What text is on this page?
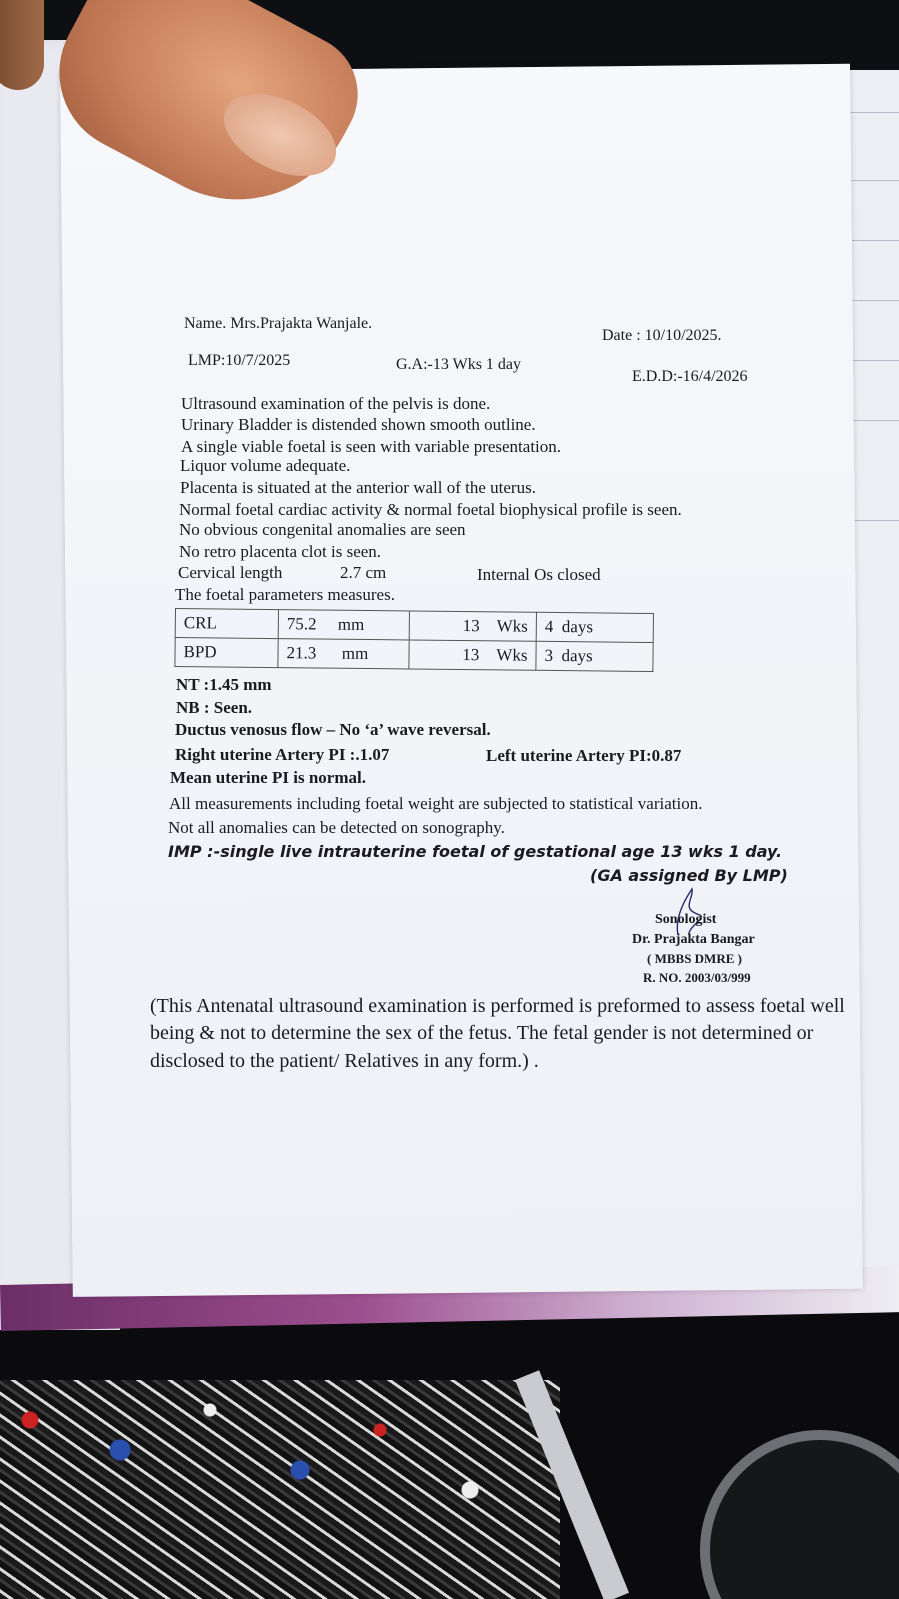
Name. Mrs.Prajakta Wanjale.
Date : 10/10/2025.
LMP:10/7/2025	G.A:-13 Wks 1 day
E.D.D:-16/4/2026
Ultrasound examination of the pelvis is done.
Urinary Bladder is distended shown smooth outline.
A single viable foetal is seen with variable presentation.
Liquor volume adequate.
Placenta is situated at the anterior wall of the uterus.
Normal foetal cardiac activity & normal foetal biophysical profile is seen.
No obvious congenital anomalies are seen
No retro placenta clot is seen.
Cervical length	2.7 cm	Internal Os closed
The foetal parameters measures.
CRL	75.2 mm	13 Wks	4 days
BPD	21.3 mm	13 Wks	3 days
NT :1.45 mm
NB : Seen.
Ductus venosus flow – No ‘a’ wave reversal.
Right uterine Artery PI :.1.07	Left uterine Artery PI:0.87
Mean uterine PI is normal.
All measurements including foetal weight are subjected to statistical variation.
Not all anomalies can be detected on sonography.
IMP :-single live intrauterine foetal of gestational age 13 wks 1 day.
(GA assigned By LMP)
Sonologist
Dr. Prajakta Bangar
( MBBS DMRE )
R. NO. 2003/03/999
(This Antenatal ultrasound examination is performed is preformed to assess foetal well
being & not to determine the sex of the fetus. The fetal gender is not determined or
disclosed to the patient/ Relatives in any form.) .
